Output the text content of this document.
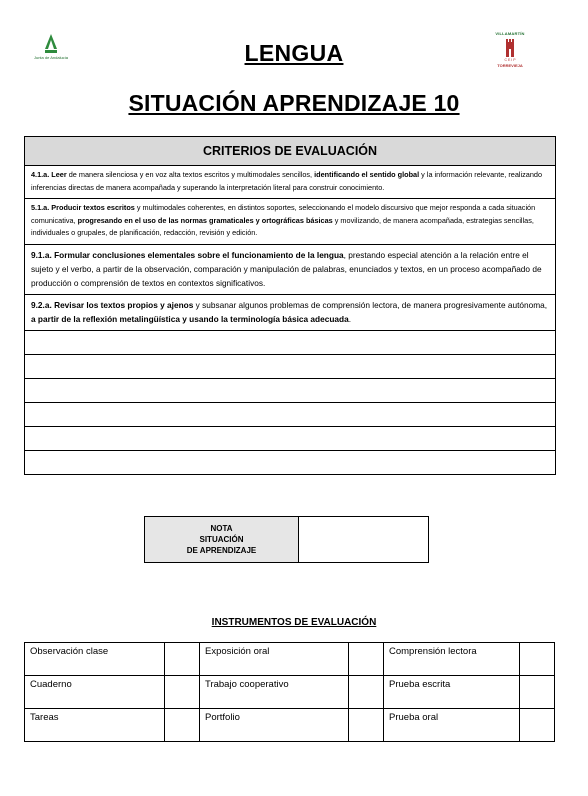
Junta de Andalucía
VILLAMARTÍN
C E I P
TORREVIEJA
LENGUA
SITUACIÓN APRENDIZAJE 10
CRITERIOS DE EVALUACIÓN
4.1.a. Leer de manera silenciosa y en voz alta textos escritos y multimodales sencillos, identificando el sentido global y la información relevante, realizando inferencias directas de manera acompañada y superando la interpretación literal para construir conocimiento.
5.1.a. Producir textos escritos y multimodales coherentes, en distintos soportes, seleccionando el modelo discursivo que mejor responda a cada situación comunicativa, progresando en el uso de las normas gramaticales y ortográficas básicas y movilizando, de manera acompañada, estrategias sencillas, individuales o grupales, de planificación, redacción, revisión y edición.
9.1.a. Formular conclusiones elementales sobre el funcionamiento de la lengua, prestando especial atención a la relación entre el sujeto y el verbo, a partir de la observación, comparación y manipulación de palabras, enunciados y textos, en un proceso acompañado de producción o comprensión de textos en contextos significativos.
9.2.a. Revisar los textos propios y ajenos y subsanar algunos problemas de comprensión lectora, de manera progresivamente autónoma, a partir de la reflexión metalingüística y usando la terminología básica adecuada.
NOTA
SITUACIÓN
DE APRENDIZAJE
INSTRUMENTOS DE EVALUACIÓN
Observación clase		Exposición oral		Comprensión lectora	
Cuaderno		Trabajo cooperativo		Prueba escrita	
Tareas		Portfolio		Prueba oral	
